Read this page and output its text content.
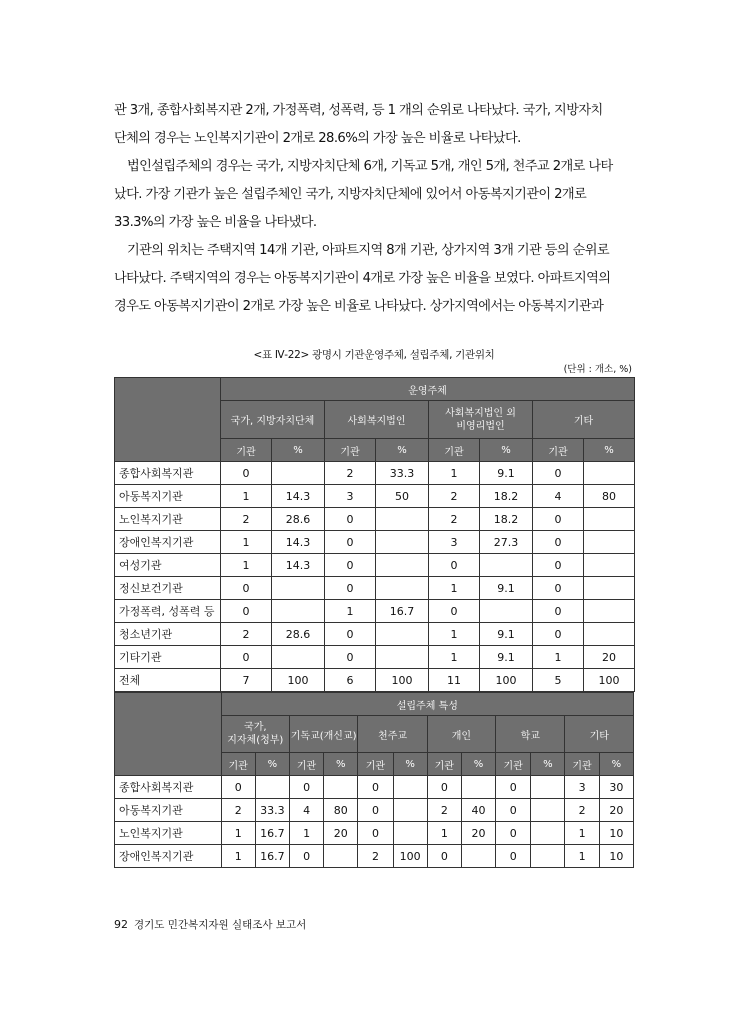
관 3개, 종합사회복지관 2개, 가정폭력, 성폭력, 등 1 개의 순위로 나타났다. 국가, 지방자치

단체의 경우는 노인복지기관이 2개로 28.6%의 가장 높은 비율로 나타났다.

법인설립주체의 경우는 국가, 지방자치단체 6개, 기독교 5개, 개인 5개, 천주교 2개로 나타

났다. 가장 기관가 높은 설립주체인 국가, 지방자치단체에 있어서 아동복지기관이 2개로

33.3%의 가장 높은 비율을 나타냈다.

기관의 위치는 주택지역 14개 기관, 아파트지역 8개 기관, 상가지역 3개 기관 등의 순위로

나타났다. 주택지역의 경우는 아동복지기관이 4개로 가장 높은 비율을 보였다. 아파트지역의

경우도 아동복지기관이 2개로 가장 높은 비율로 나타났다. 상가지역에서는 아동복지기관과

<표 Ⅳ-22> 광명시 기관운영주체, 설립주체, 기관위치
(단위 : 개소, %)
	운영주체							
	국가, 지방자치단체		사회복지법인		사회복지법인 외
비영리법인		기타	
	기관	%	기관	%	기관	%	기관	%
종합사회복지관	0		2	33.3	1	9.1	0	
아동복지기관	1	14.3	3	50	2	18.2	4	80
노인복지기관	2	28.6	0		2	18.2	0	
장애인복지기관	1	14.3	0		3	27.3	0	
여성기관	1	14.3	0		0		0	
정신보건기관	0		0		1	9.1	0	
가정폭력, 성폭력 등	0		1	16.7	0		0	
청소년기관	2	28.6	0		1	9.1	0	
기타기관	0		0		1	9.1	1	20
전체	7	100	6	100	11	100	5	100
	설립주체 특성											
	국가,
지자체(청부)		기독교(개신교)		천주교		개인		학교		기타	
	기관	%	기관	%	기관	%	기관	%	기관	%	기관	%
종합사회복지관	0		0		0		0		0		3	30
아동복지기관	2	33.3	4	80	0		2	40	0		2	20
노인복지기관	1	16.7	1	20	0		1	20	0		1	10
장애인복지기관	1	16.7	0		2	100	0		0		1	10
92 경기도 민간복지자원 실태조사 보고서
